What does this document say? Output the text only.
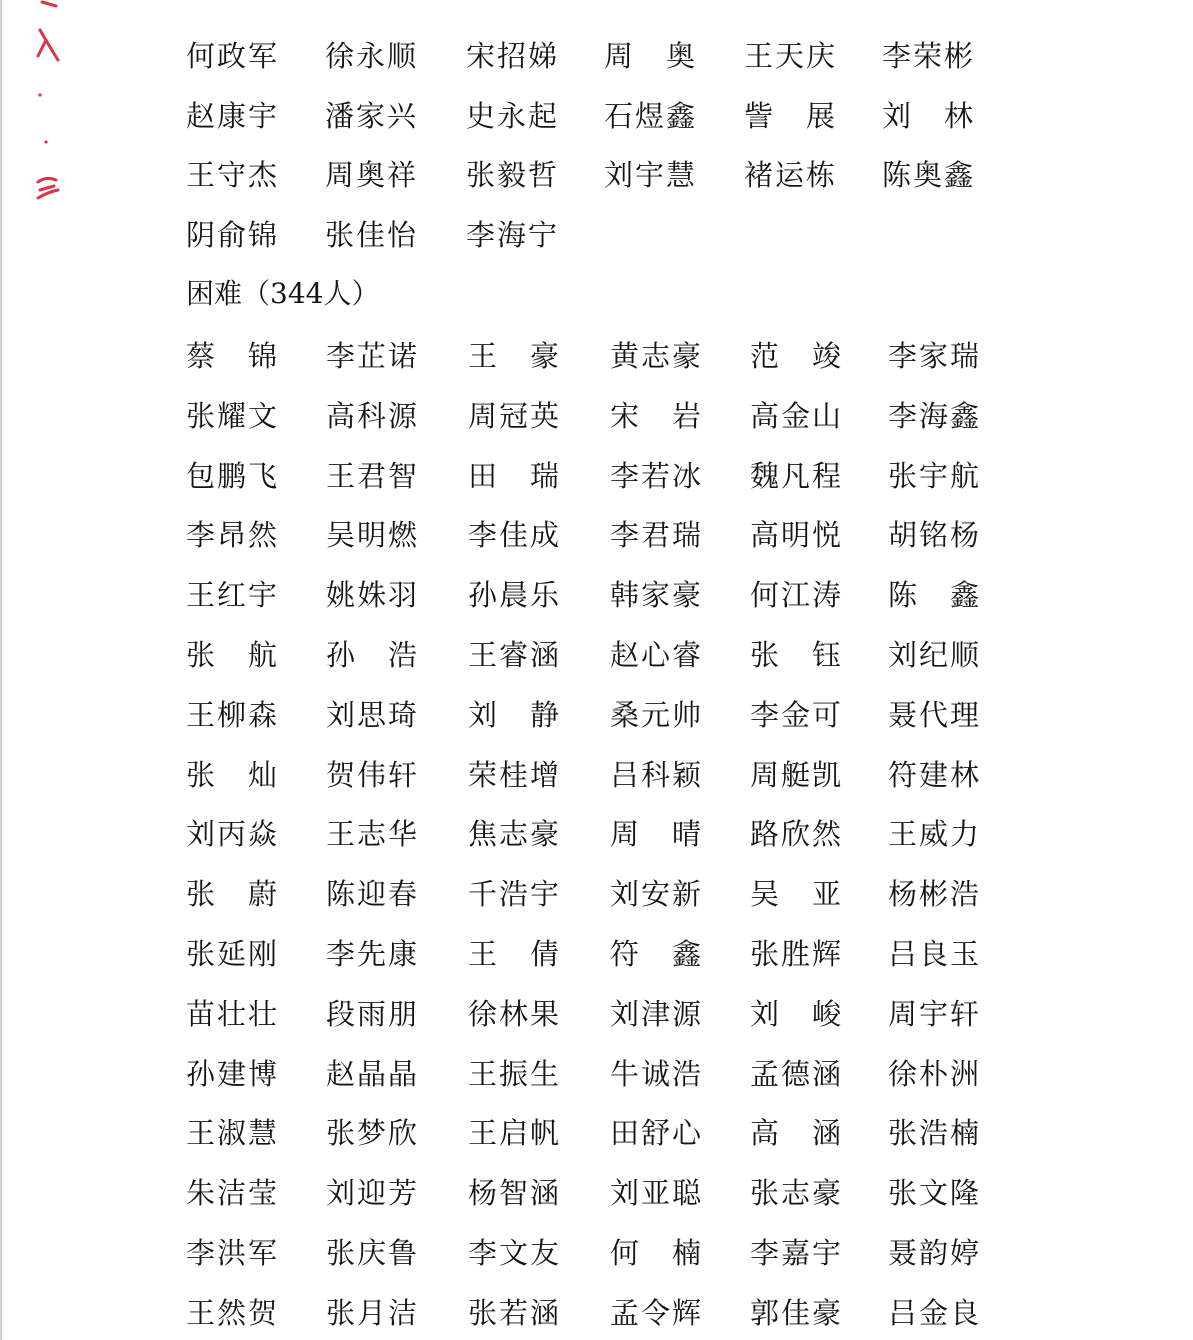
何 政 军 徐 永 顺 宋 招 娣 周 奥 王 天 庆 李 荣 彬
赵 康 宇 潘 家 兴 史 永 起 石 煜 鑫 訾 展 刘 林
王 守 杰 周 奥 祥 张 毅 哲 刘 宇 慧 褚 运 栋 陈 奥 鑫
阴 俞 锦 张 佳 怡 李 海 宁
困难（344人）
蔡 锦 李 芷 诺 王 豪 黄 志 豪 范 竣 李 家 瑞
张 耀 文 高 科 源 周 冠 英 宋 岩 高 金 山 李 海 鑫
包 鹏 飞 王 君 智 田 瑞 李 若 冰 魏 凡 程 张 宇 航
李 昂 然 吴 明 燃 李 佳 成 李 君 瑞 高 明 悦 胡 铭 杨
王 红 宇 姚 姝 羽 孙 晨 乐 韩 家 豪 何 江 涛 陈 鑫
张 航 孙 浩 王 睿 涵 赵 心 睿 张 钰 刘 纪 顺
王 柳 森 刘 思 琦 刘 静 桑 元 帅 李 金 可 聂 代 理
张 灿 贺 伟 轩 荣 桂 增 吕 科 颖 周 艇 凯 符 建 林
刘 丙 焱 王 志 华 焦 志 豪 周 晴 路 欣 然 王 威 力
张 蔚 陈 迎 春 千 浩 宇 刘 安 新 吴 亚 杨 彬 浩
张 延 刚 李 先 康 王 倩 符 鑫 张 胜 辉 吕 良 玉
苗 壮 壮 段 雨 朋 徐 林 果 刘 津 源 刘 峻 周 宇 轩
孙 建 博 赵 晶 晶 王 振 生 牛 诚 浩 孟 德 涵 徐 朴 洲
王 淑 慧 张 梦 欣 王 启 帆 田 舒 心 高 涵 张 浩 楠
朱 洁 莹 刘 迎 芳 杨 智 涵 刘 亚 聪 张 志 豪 张 文 隆
李 洪 军 张 庆 鲁 李 文 友 何 楠 李 嘉 宇 聂 韵 婷
王 然 贺 张 月 洁 张 若 涵 孟 令 辉 郭 佳 豪 吕 金 良
